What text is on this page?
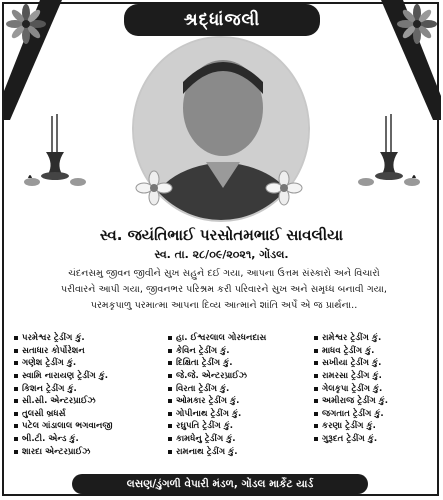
શ્રદ્ધાંજલી
સ્વ. જયંતિભાઈ પરસોતમભાઈ સાવલીયા
સ્વ. તા. ૨૮/૦૯/૨૦૨૧, ગોંડલ.
ચંદનસમુ જીવન જીવીને સુખ સહુને દઈ ગયા, આપના ઉત્તમ સંસ્કારો અને વિચારો
પરીવારને આપી ગયા, જીવનભર પરિશ્રમ કરી પરિવારને સુખ અને સમૃધ્ધ બનાવી ગયા,
પરમકૃપાળુ પરમાત્મા આપના દિવ્ય આત્માને શાંતિ અર્પે એ જ પ્રાર્થના..
પરમેશ્વર ટ્રેડીંગ કું.
સતાધાર કોર્પોરેશન
ગણેશ ટ્રેડીંગ કું.
સ્વામિ નારાયણ ટ્રેડીંગ કું.
કિશન ટ્રેડીંગ કું.
સી.સી. એન્ટરપ્રાઈઝ
તુલસી બ્રધર્સ
પટેલ ગાંડાલાલ ભગવાનજી
બી.ટી. એન્ડ કું.
શારદા એન્ટરપ્રાઈઝ
હા. ઈશ્વરલાલ ગોરધનદાસ
કેવિન ટ્રેડીંગ કું.
દિક્ષિતા ટ્રેડીંગ કું.
જે.જે. એન્ટરપ્રાઈઝ
વિરતા ટ્રેડીંગ કું.
ઓમકાર ટ્રેડીંગ કું.
ગોપીનાથ ટ્રેડીંગ કું.
રઘુપતિ ટ્રેડીંગ કું.
કામધેનુ ટ્રેડીંગ કું.
રામનાથ ટ્રેડીંગ કું.
રામેશ્વર ટ્રેડીંગ કું.
માધવ ટ્રેડીંગ કું.
સખીયા ટ્રેડીંગ કું.
રામરસા ટ્રેડીંગ કું.
ગેલકૃપા ટ્રેડીંગ કું.
અમીરાજ ટ્રેડીંગ કું.
જગતાત ટ્રેડીંગ કું.
કરણા ટ્રેડીંગ કું.
ગુરૂદત ટ્રેડીંગ કું.
લસણ/ડુંગળી વેપારી મંડળ, ગોંડલ માર્કેટ યાર્ડ
